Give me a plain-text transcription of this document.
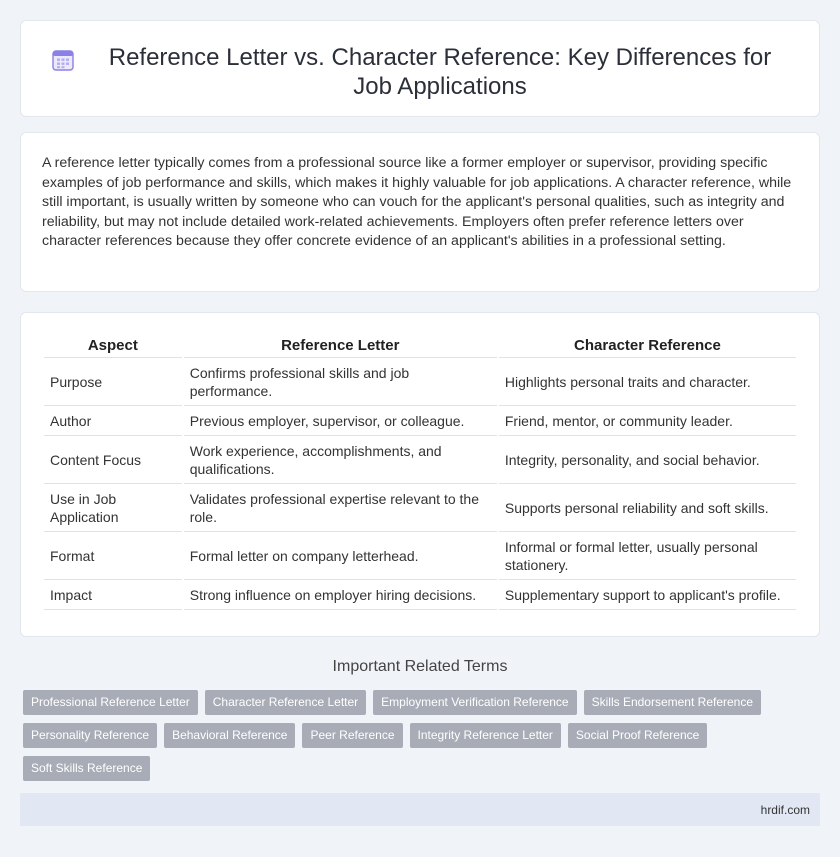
Reference Letter vs. Character Reference: Key Differences for Job Applications

A reference letter typically comes from a professional source like a former employer or supervisor, providing specific examples of job performance and skills, which makes it highly valuable for job applications. A character reference, while still important, is usually written by someone who can vouch for the applicant's personal qualities, such as integrity and reliability, but may not include detailed work-related achievements. Employers often prefer reference letters over character references because they offer concrete evidence of an applicant's abilities in a professional setting.

Aspect	Reference Letter	Character Reference
Purpose	Confirms professional skills and job performance.	Highlights personal traits and character.
Author	Previous employer, supervisor, or colleague.	Friend, mentor, or community leader.
Content Focus	Work experience, accomplishments, and qualifications.	Integrity, personality, and social behavior.
Use in Job Application	Validates professional expertise relevant to the role.	Supports personal reliability and soft skills.
Format	Formal letter on company letterhead.	Informal or formal letter, usually personal stationery.
Impact	Strong influence on employer hiring decisions.	Supplementary support to applicant's profile.
Important Related Terms
Professional Reference Letter	Character Reference Letter	Employment Verification Reference	Skills Endorsement Reference
Personality Reference	Behavioral Reference	Peer Reference	Integrity Reference Letter	Social Proof Reference
Soft Skills Reference
hrdif.com
